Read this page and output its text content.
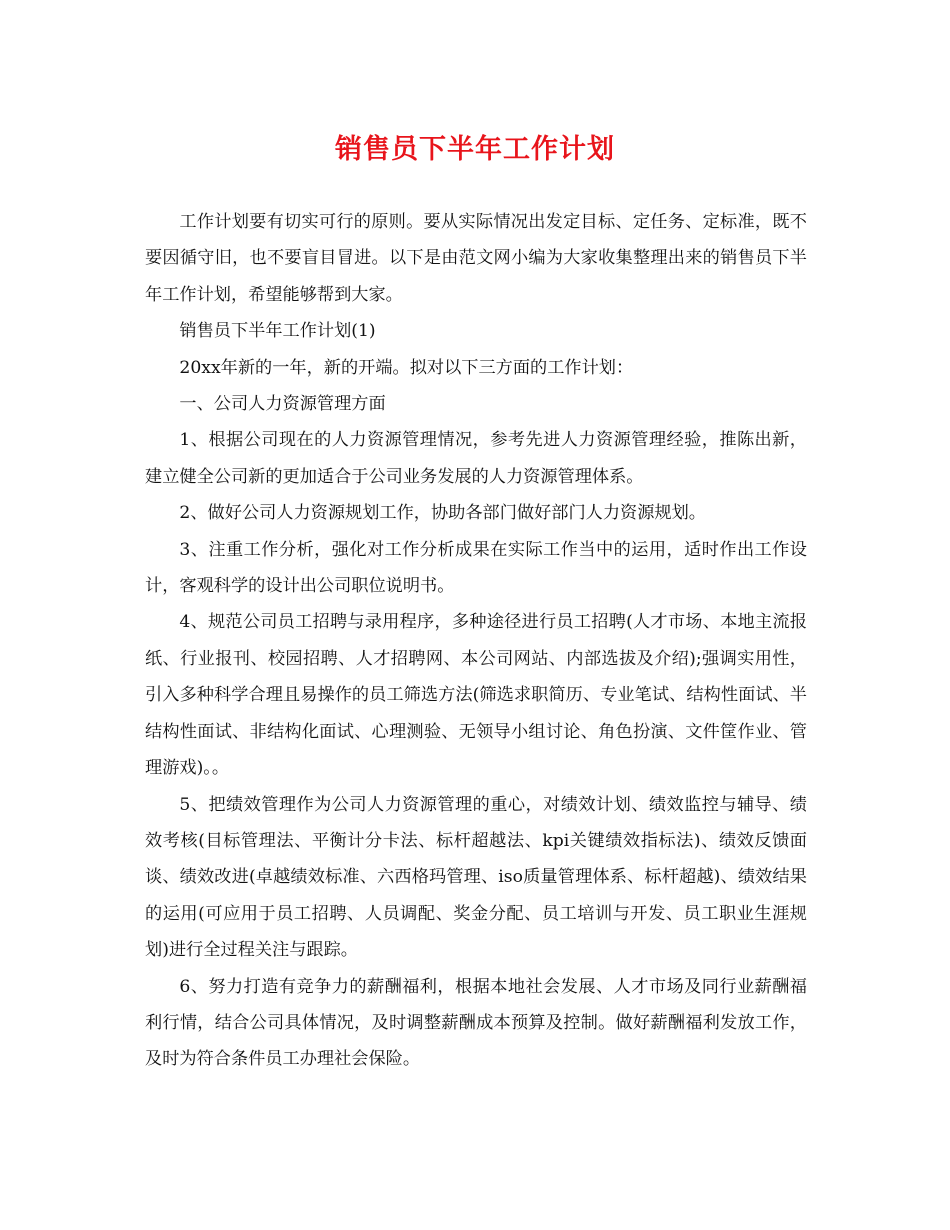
销售员下半年工作计划

工作计划要有切实可行的原则。要从实际情况出发定目标、定任务、定标准，既不要因循守旧，也不要盲目冒进。以下是由范文网小编为大家收集整理出来的销售员下半年工作计划，希望能够帮到大家。

销售员下半年工作计划(1)

20xx年新的一年，新的开端。拟对以下三方面的工作计划：

一、公司人力资源管理方面

1、根据公司现在的人力资源管理情况，参考先进人力资源管理经验，推陈出新，建立健全公司新的更加适合于公司业务发展的人力资源管理体系。

2、做好公司人力资源规划工作，协助各部门做好部门人力资源规划。

3、注重工作分析，强化对工作分析成果在实际工作当中的运用，适时作出工作设计，客观科学的设计出公司职位说明书。

4、规范公司员工招聘与录用程序，多种途径进行员工招聘(人才市场、本地主流报纸、行业报刊、校园招聘、人才招聘网、本公司网站、内部选拔及介绍);强调实用性，引入多种科学合理且易操作的员工筛选方法(筛选求职简历、专业笔试、结构性面试、半结构性面试、非结构化面试、心理测验、无领导小组讨论、角色扮演、文件筐作业、管理游戏)。。

5、把绩效管理作为公司人力资源管理的重心，对绩效计划、绩效监控与辅导、绩效考核(目标管理法、平衡计分卡法、标杆超越法、kpi关键绩效指标法)、绩效反馈面谈、绩效改进(卓越绩效标准、六西格玛管理、iso质量管理体系、标杆超越)、绩效结果的运用(可应用于员工招聘、人员调配、奖金分配、员工培训与开发、员工职业生涯规划)进行全过程关注与跟踪。

6、努力打造有竞争力的薪酬福利，根据本地社会发展、人才市场及同行业薪酬福利行情，结合公司具体情况，及时调整薪酬成本预算及控制。做好薪酬福利发放工作，及时为符合条件员工办理社会保险。
